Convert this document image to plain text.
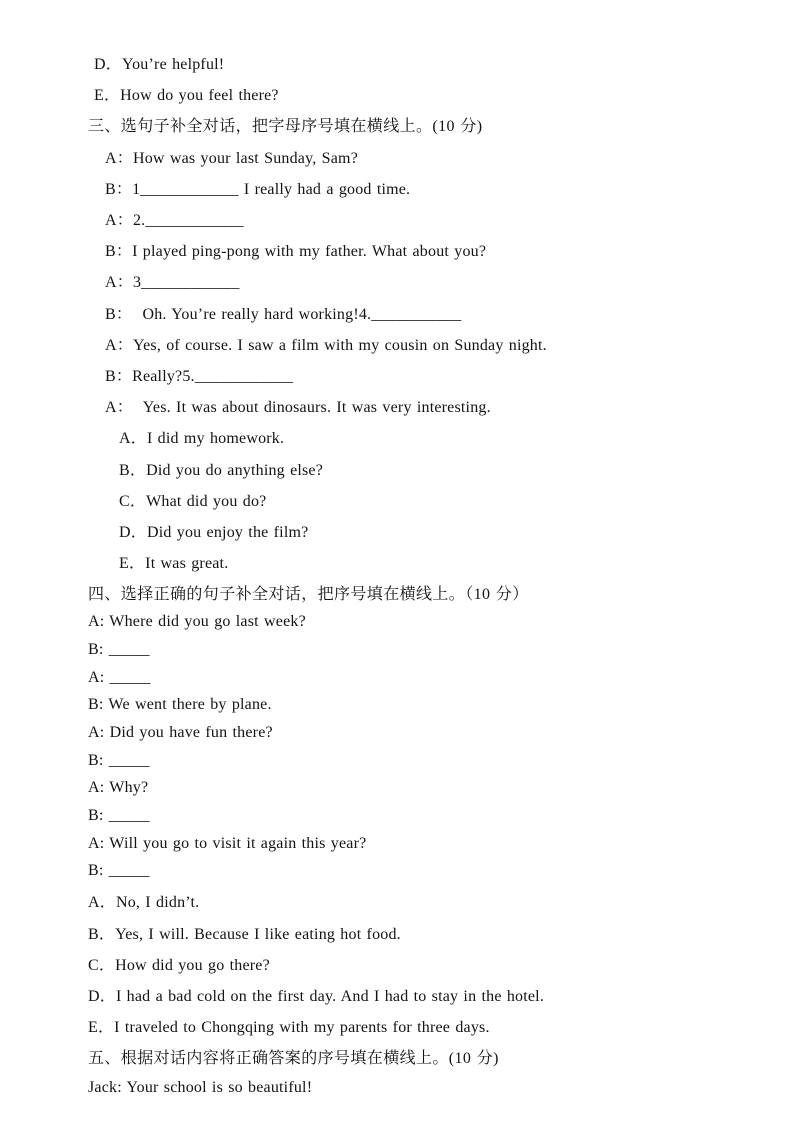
D．You’re helpful!
E．How do you feel there?
三、选句子补全对话，把字母序号填在横线上。(10 分)
A：How was your last Sunday, Sam?
B：1____________ I really had a good time.
A：2.____________
B：I played ping-pong with my father. What about you?
A：3____________
B：  Oh. You’re really hard working!4.___________
A：Yes, of course. I saw a film with my cousin on Sunday night.
B：Really?5.____________
A：  Yes. It was about dinosaurs. It was very interesting.
A．I did my homework.
B．Did you do anything else?
C．What did you do?
D．Did you enjoy the film?
E．It was great.
四、选择正确的句子补全对话，把序号填在横线上。（10 分）
A: Where did you go last week?
B: _____
A: _____
B: We went there by plane.
A: Did you have fun there?
B: _____
A: Why?
B: _____
A: Will you go to visit it again this year?
B: _____
A．No, I didn’t.
B．Yes, I will. Because I like eating hot food.
C．How did you go there?
D．I had a bad cold on the first day. And I had to stay in the hotel.
E．I traveled to Chongqing with my parents for three days.
五、根据对话内容将正确答案的序号填在横线上。(10 分)
Jack: Your school is so beautiful!
